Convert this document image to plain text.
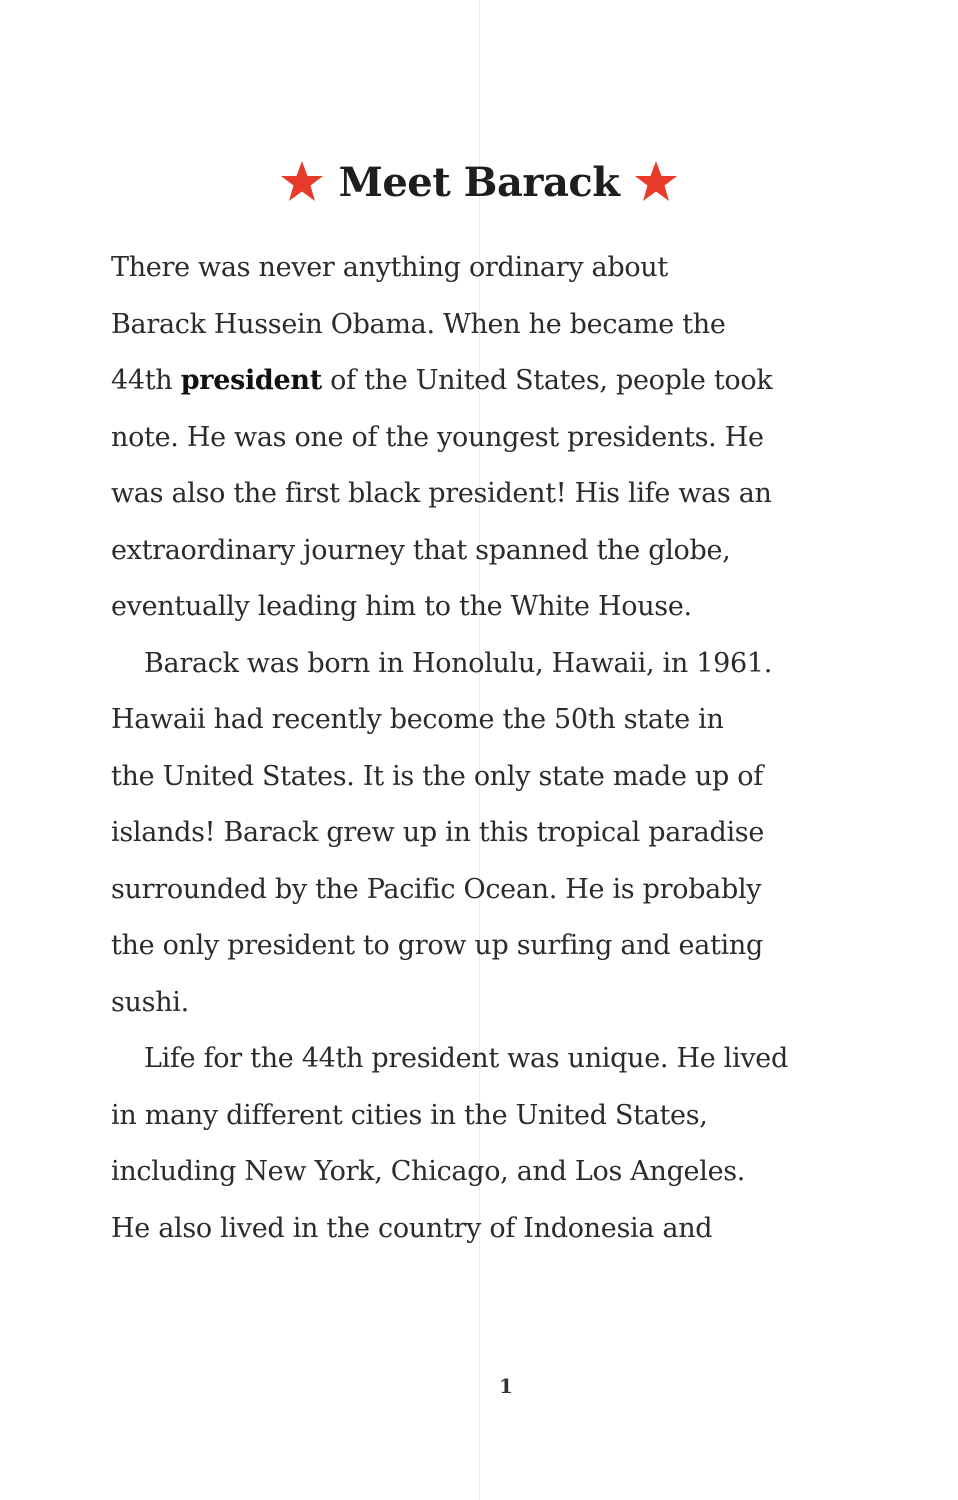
Meet Barack
There was never anything ordinary about
Barack Hussein Obama. When he became the
44th president of the United States, people took
note. He was one of the youngest presidents. He
was also the first black president! His life was an
extraordinary journey that spanned the globe,
eventually leading him to the White House.
Barack was born in Honolulu, Hawaii, in 1961.
Hawaii had recently become the 50th state in
the United States. It is the only state made up of
islands! Barack grew up in this tropical paradise
surrounded by the Pacific Ocean. He is probably
the only president to grow up surfing and eating
sushi.
Life for the 44th president was unique. He lived
in many different cities in the United States,
including New York, Chicago, and Los Angeles.
He also lived in the country of Indonesia and
1
